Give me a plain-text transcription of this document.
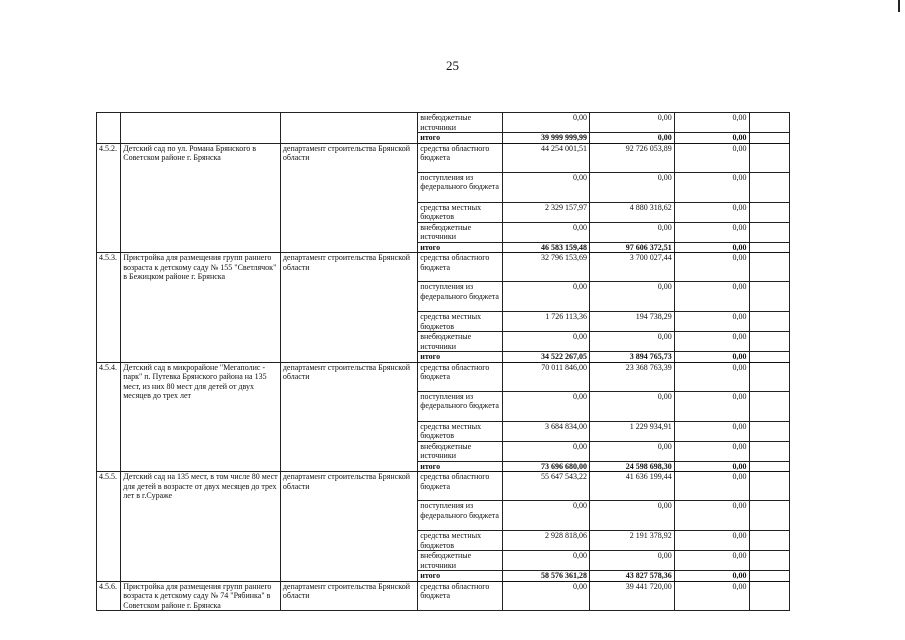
25
			внебюджетные источники	0,00	0,00	0,00	
			итого	39 999 999,99	0,00	0,00	
4.5.2.	Детский сад по ул. Романа Брянского в Советском районе г. Брянска	департамент строительства Брянской области	средства областного бюджета	44 254 001,51	92 726 053,89	0,00	
			поступления из федерального бюджета	0,00	0,00	0,00	
			средства местных бюджетов	2 329 157,97	4 880 318,62	0,00	
			внебюджетные источники	0,00	0,00	0,00	
			итого	46 583 159,48	97 606 372,51	0,00	
4.5.3.	Пристройка для размещения групп раннего возраста к детскому саду № 155 "Светлячок" в Бежицком районе г. Брянска	департамент строительства Брянской области	средства областного бюджета	32 796 153,69	3 700 027,44	0,00	
			поступления из федерального бюджета	0,00	0,00	0,00	
			средства местных бюджетов	1 726 113,36	194 738,29	0,00	
			внебюджетные источники	0,00	0,00	0,00	
			итого	34 522 267,05	3 894 765,73	0,00	
4.5.4.	Детский сад в микрорайоне "Мегаполис - парк" п. Путевка Брянского района на 135 мест, из них 80 мест для детей от двух месяцев до трех лет	департамент строительства Брянской области	средства областного бюджета	70 011 846,00	23 368 763,39	0,00	
			поступления из федерального бюджета	0,00	0,00	0,00	
			средства местных бюджетов	3 684 834,00	1 229 934,91	0,00	
			внебюджетные источники	0,00	0,00	0,00	
			итого	73 696 680,00	24 598 698,30	0,00	
4.5.5.	Детский сад на 135 мест, в том числе 80 мест для детей в возрасте от двух месяцев до трех лет в г.Сураже	департамент строительства Брянской области	средства областного бюджета	55 647 543,22	41 636 199,44	0,00	
			поступления из федерального бюджета	0,00	0,00	0,00	
			средства местных бюджетов	2 928 818,06	2 191 378,92	0,00	
			внебюджетные источники	0,00	0,00	0,00	
			итого	58 576 361,28	43 827 578,36	0,00	
4.5.6.	Пристройка для размещения групп раннего возраста к детскому саду № 74 "Рябинка" в Советском районе г. Брянска	департамент строительства Брянской области	средства областного бюджета	0,00	39 441 720,00	0,00	
